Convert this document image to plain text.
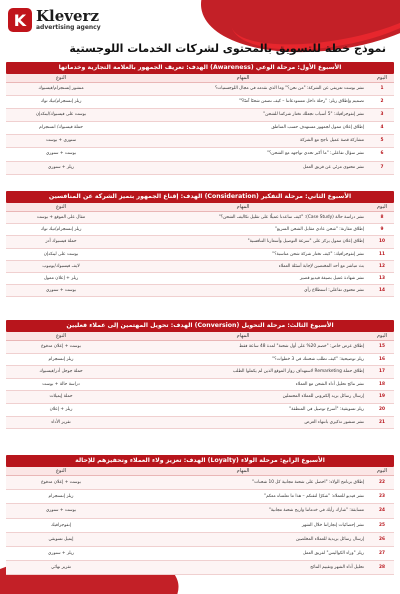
K Kleverz
advertising agency
نموذج خطة للتسويق بالمحتوى لشركات الخدمات اللوجستية
الأسبوع الأول: مرحلة الوعي (Awareness) الهدف: تعريف الجمهور بالعلامة التجارية وخدماتها
اليوم
المهام
النوع
1
نشر بوست تعريفي عن الشركة: "من نحن؟" وما الذي نقدمه في مجال اللوجستيات؟
منشور إنستجرام/فيسبوك
2
تصميم وإطلاق ريلز: "رحلة داخل مستودعاتنا – كيف نضمن شحنًا آمنًا؟"
ريلز إنستجرام/تيك توك
3
نشر إنفوجرافيك: "5 أسباب تجعلك تختار شركتنا للشحن"
بوست على فيسبوك/لينكدإن
4
إطلاق إعلان ممول لجمهور مستهدف حسب المناطق
حملة فيسبوك/ انستجرام
5
مشاركة قصة عميل ناجح مع الشركة
ستوري + بوست
6
نشر سؤال تفاعلي: "ما أكبر تحدي تواجهه مع الشحن؟"
بوست + ستوري
7
نشر محتوى مرئي عن فريق العمل
ريلز + ستوري
الأسبوع الثاني: مرحلة التفكير (Consideration) الهدف: إقناع الجمهور بتميز الشركة عن المنافسين
اليوم
المهام
النوع
8
نشر دراسة حالة (Case Study): "كيف ساعدنا عميلًا على تقليل تكاليف الشحن؟"
مقال على الموقع + بوست
9
إطلاق مقارنة: "شحن عادي مقابل الشحن السريع"
ريلز إنستجرام/تيك توك
10
إطلاق إعلان ممول يركز على "سرعة التوصيل وأسعارنا التنافسية"
حملة فيسبوك أدز
11
نشر إنفوجرافيك: "كيف تختار شركة شحن مناسبة؟"
بوست على لينكدإن
12
بث مباشر مع أحد المختصين لإجابة أسئلة العملاء
لايف فيسبوك/يوتيوب
13
نشر شهادة عميل بصيغة فيديو قصير
ريلز + إعلان ممول
14
نشر محتوى تفاعلي: استطلاع رأي
بوست + ستوري
الأسبوع الثالث: مرحلة التحويل (Conversion) الهدف: تحويل المهتمين إلى عملاء فعليين
اليوم
المهام
النوع
15
إطلاق عرض خاص: "خصم 20% على أول شحنة" لمدة 48 ساعة فقط
بوست + إعلان مدفوع
16
ريلز توضيحية: "كيف تطلب شحنتك في 3 خطوات؟"
ريلز إنستجرام
17
إطلاق حملة Remarketing لاستهداف زوار الموقع الذين لم يكملوا الطلب
حملة جوجل أدز/فيسبوك
18
نشر نتائج تحليل أداء الشحن مع العملاء
دراسة حالة + بوست
19
إرسال رسائل بريد إلكتروني للعملاء المحتملين
حملة إيميلات
20
ريلز تسويقية: "أسرع توصيل في المنطقة"
ريلز + إعلان
21
نشر منشور تذكيري بانتهاء العرض
تقرير الأداء
الأسبوع الرابع: مرحلة الولاء (Loyalty) الهدف: تعزيز ولاء العملاء وتحفيزهم للإحالة
اليوم
المهام
النوع
22
إطلاق برنامج الولاء: "احصل على شحنة مجانية كل 10 شحنات"
بوست + إعلان مدفوع
23
نشر فيديو للعملاء: "شكرًا لثقتكم – هذا ما تعلمناه معكم"
ريلز إنستجرام
24
مسابقة: "شارك رأيك في خدماتنا واربح شحنة مجانية"
بوست + ستوري
25
نشر إحصائيات إنجازاتنا خلال الشهر
إنفوجرافيك
26
إرسال رسائل بريدية للعملاء المخلصين
إيميل تسويقي
27
ريلز "وراء الكواليس" لفريق العمل
ريلز + ستوري
28
تحليل أداء الشهر وتقييم النتائج
تقرير نهائي
